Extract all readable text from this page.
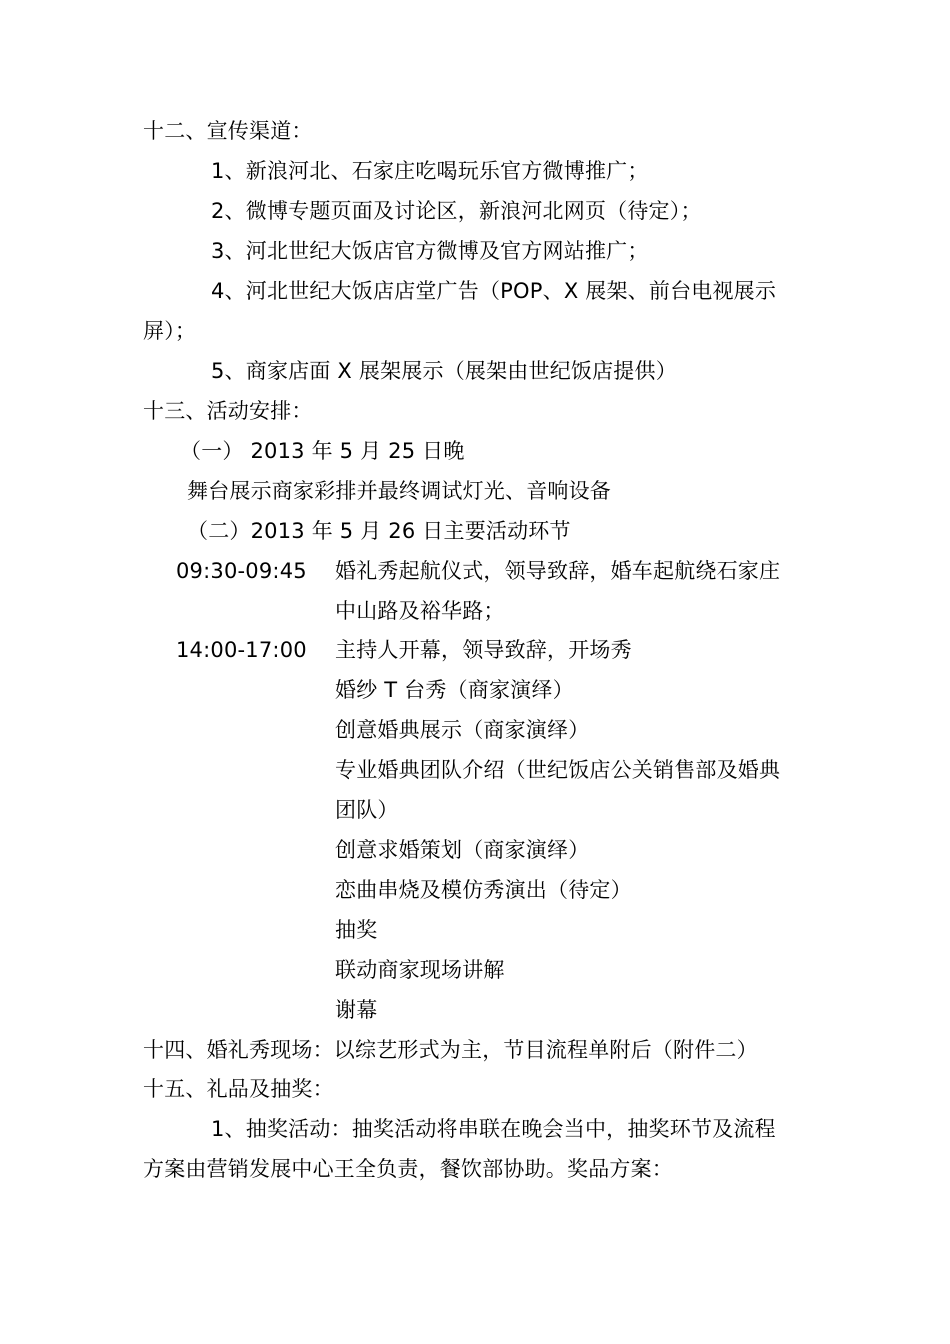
十二、宣传渠道：
1、新浪河北、石家庄吃喝玩乐官方微博推广；
2、微博专题页面及讨论区，新浪河北网页（待定）；
3、河北世纪大饭店官方微博及官方网站推广；
4、河北世纪大饭店店堂广告（POP、X 展架、前台电视展示
屏）；
5、商家店面 X 展架展示（展架由世纪饭店提供）
十三、活动安排：
（一） 2013 年 5 月 25 日晚
舞台展示商家彩排并最终调试灯光、音响设备
（二）2013 年 5 月 26 日主要活动环节
09:30-09:45 婚礼秀起航仪式，领导致辞，婚车起航绕石家庄
中山路及裕华路；
14:00-17:00 主持人开幕，领导致辞，开场秀
婚纱 T 台秀（商家演绎）
创意婚典展示（商家演绎）
专业婚典团队介绍（世纪饭店公关销售部及婚典
团队）
创意求婚策划（商家演绎）
恋曲串烧及模仿秀演出（待定）
抽奖
联动商家现场讲解
谢幕
十四、婚礼秀现场：以综艺形式为主，节目流程单附后（附件二）
十五、礼品及抽奖：
1、抽奖活动：抽奖活动将串联在晚会当中，抽奖环节及流程
方案由营销发展中心王全负责，餐饮部协助。奖品方案：
